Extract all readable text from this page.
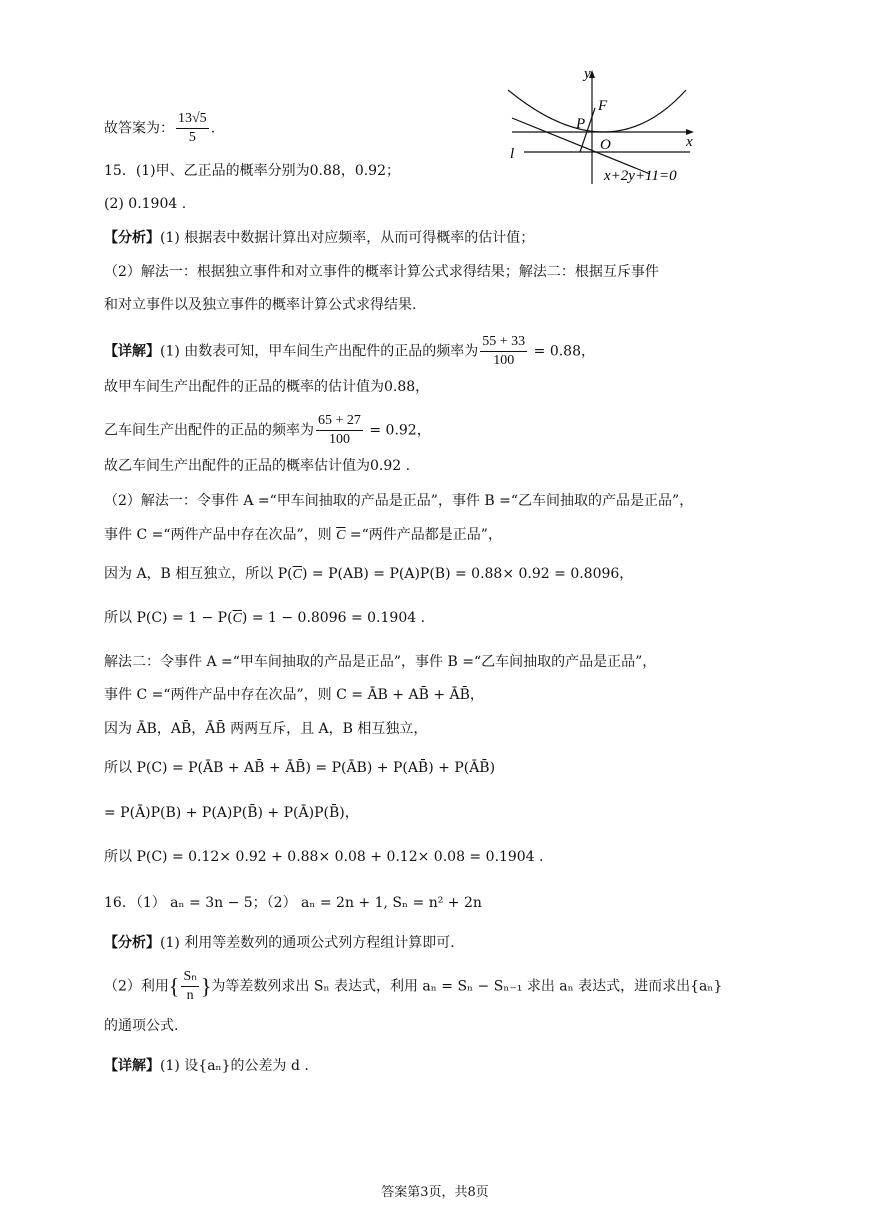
y
F
P
O	x
l
x+2y+11=0
故答案为： $\frac{13√5}{5}$ .
15．(1)甲、乙正品的概率分别为0.88，0.92；
(2) 0.1904 .
【分析】(1) 根据表中数据计算出对应频率，从而可得概率的估计值；
（2）解法一：根据独立事件和对立事件的概率计算公式求得结果；解法二：根据互斥事件
和对立事件以及独立事件的概率计算公式求得结果.
【详解】(1) 由数表可知，甲车间生产出配件的正品的频率为 $\frac{55 + 33}{100} = 0.88$，
故甲车间生产出配件的正品的概率的估计值为0.88，
乙车间生产出配件的正品的频率为 $\frac{65 + 27}{100} = 0.92$，
故乙车间生产出配件的正品的概率估计值为0.92 .
（2）解法一：令事件 A =“甲车间抽取的产品是正品”，事件 B =“乙车间抽取的产品是正品”，
事件 C =“两件产品中存在次品”，则 $\overline{C}$ =“两件产品都是正品”，
因为 A，B 相互独立，所以 $P(\overline{C}) = P(AB) = P(A)P(B) = 0.88\times 0.92 = 0.8096$，
所以 $P(C) = 1 - P(\overline{C}) = 1 - 0.8096 = 0.1904$ .
解法二：令事件 A =“甲车间抽取的产品是正品”，事件 B =“乙车间抽取的产品是正品”，
事件 C =“两件产品中存在次品”，则 C = ĀB + AB̄ + ĀB̄，
因为 ĀB，AB̄，ĀB̄ 两两互斥，且 A，B 相互独立，
所以 P(C) = P(ĀB + AB̄ + ĀB̄) = P(ĀB) + P(AB̄) + P(ĀB̄)
= P(Ā)P(B) + P(A)P(B̄) + P(Ā)P(B̄)，
所以 P(C) = 0.12× 0.92 + 0.88× 0.08 + 0.12× 0.08 = 0.1904 .
16．（1） aₙ = 3n − 5；（2） aₙ = 2n + 1, Sₙ = n² + 2n
【分析】(1) 利用等差数列的通项公式列方程组计算即可.
（2）利用{ $\frac{\text{Sₙ}}{n}$ }为等差数列求出 Sₙ 表达式，利用 aₙ = Sₙ − Sₙ₋₁ 求出 aₙ 表达式，进而求出{aₙ}
的通项公式.
【详解】(1) 设{aₙ}的公差为 d .
答案第3页，共8页
